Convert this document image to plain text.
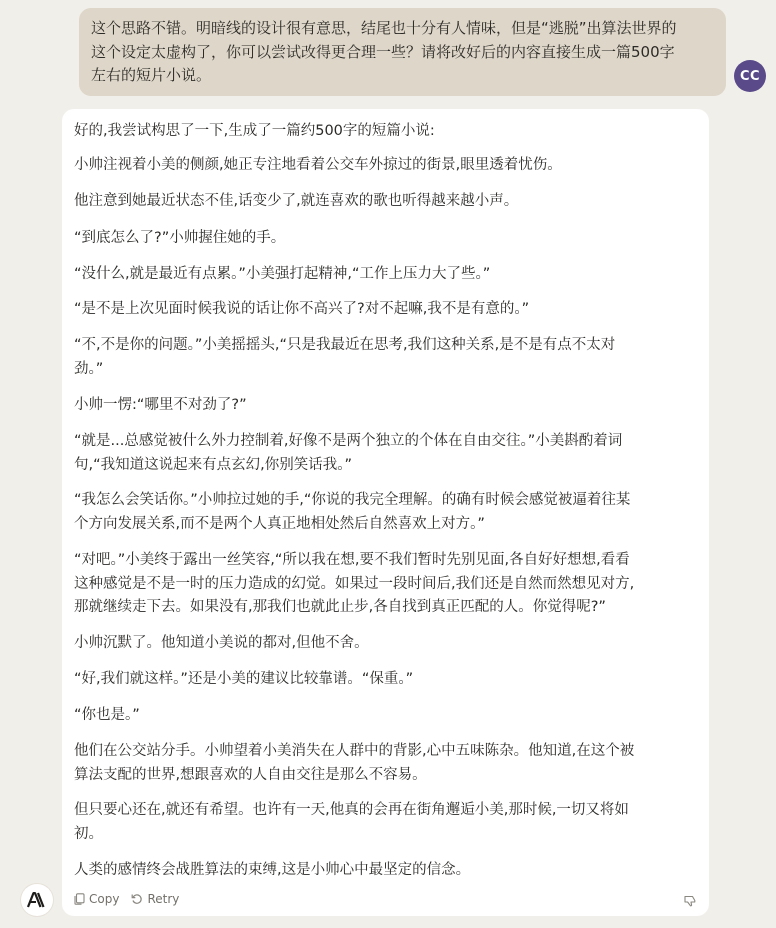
这个思路不错。明暗线的设计很有意思，结尾也十分有人情味，但是“逃脱”出算法世界的
这个设定太虚构了，你可以尝试改得更合理一些？请将改好后的内容直接生成一篇500字
左右的短片小说。	CC
好的,我尝试构思了一下,生成了一篇约500字的短篇小说:
小帅注视着小美的侧颜,她正专注地看着公交车外掠过的街景,眼里透着忧伤。
他注意到她最近状态不佳,话变少了,就连喜欢的歌也听得越来越小声。
“到底怎么了?”小帅握住她的手。
“没什么,就是最近有点累。”小美强打起精神,“工作上压力大了些。”
“是不是上次见面时候我说的话让你不高兴了?对不起嘛,我不是有意的。”
“不,不是你的问题。”小美摇摇头,“只是我最近在思考,我们这种关系,是不是有点不太对
劲。”
小帅一愣:“哪里不对劲了?”
“就是...总感觉被什么外力控制着,好像不是两个独立的个体在自由交往。”小美斟酌着词
句,“我知道这说起来有点玄幻,你别笑话我。”
“我怎么会笑话你。”小帅拉过她的手,“你说的我完全理解。的确有时候会感觉被逼着往某
个方向发展关系,而不是两个人真正地相处然后自然喜欢上对方。”
“对吧。”小美终于露出一丝笑容,“所以我在想,要不我们暂时先别见面,各自好好想想,看看
这种感觉是不是一时的压力造成的幻觉。如果过一段时间后,我们还是自然而然想见对方,
那就继续走下去。如果没有,那我们也就此止步,各自找到真正匹配的人。你觉得呢?”
小帅沉默了。他知道小美说的都对,但他不舍。
“好,我们就这样。”还是小美的建议比较靠谱。“保重。”
“你也是。”
他们在公交站分手。小帅望着小美消失在人群中的背影,心中五味陈杂。他知道,在这个被
算法支配的世界,想跟喜欢的人自由交往是那么不容易。
但只要心还在,就还有希望。也许有一天,他真的会再在街角邂逅小美,那时候,一切又将如
初。
人类的感情终会战胜算法的束缚,这是小帅心中最坚定的信念。
Copy Retry
